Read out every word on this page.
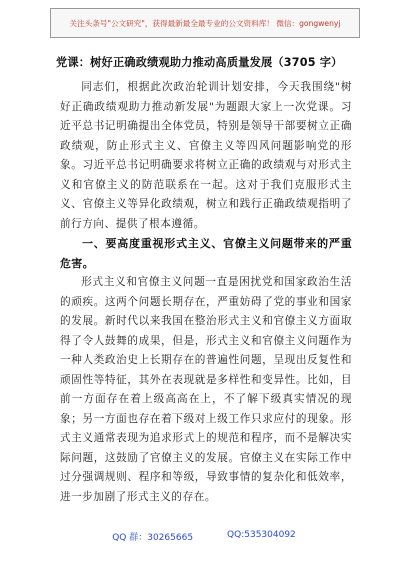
关注头条号"公文研究"，获得最新最全最专业的公文资料库！ 微信：gongwenyj
党课：树好正确政绩观助力推动高质量发展（3705 字）

同志们，根据此次政治轮训计划安排，今天我围绕"树好正确政绩观助力推动新发展"为题跟大家上一次党课。习近平总书记明确提出全体党员，特别是领导干部要树立正确政绩观，防止形式主义、官僚主义等四风问题影响党的形象。习近平总书记明确要求将树立正确的政绩观与对形式主义和官僚主义的防范联系在一起。这对于我们克服形式主义、官僚主义等异化政绩观，树立和践行正确政绩观指明了前行方向、提供了根本遵循。

一、要高度重视形式主义、官僚主义问题带来的严重危害。

形式主义和官僚主义问题一直是困扰党和国家政治生活的顽疾。这两个问题长期存在，严重妨碍了党的事业和国家的发展。新时代以来我国在整治形式主义和官僚主义方面取得了令人鼓舞的成果，但是，形式主义和官僚主义问题作为一种人类政治史上长期存在的普遍性问题，呈现出反复性和顽固性等特征，其外在表现就是多样性和变异性。比如，目前一方面存在着上级高高在上，不了解下级真实情况的现象；另一方面也存在着下级对上级工作只求应付的现象。形式主义通常表现为追求形式上的规范和程序，而不是解决实际问题，这鼓励了官僚主义的发展。官僚主义在实际工作中过分强调规则、程序和等级，导致事情的复杂化和低效率，进一步加剧了形式主义的存在。

QQ 群：30265665	QQ:535304092
